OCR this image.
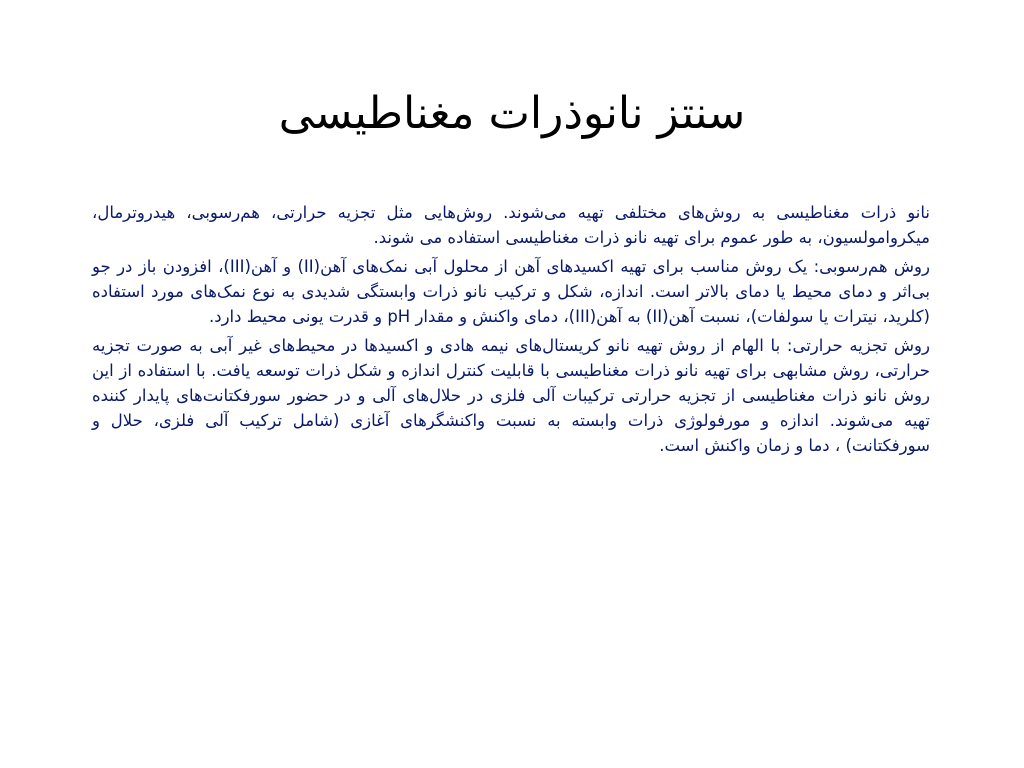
سنتز نانوذرات مغناطیسی

نانو ذرات مغناطیسی به روش‌های مختلفی تهیه می‌شوند. روش‌هایی مثل تجزیه حرارتی، هم‌رسوبی، هیدروترمال، میکروامولسیون، به طور عموم برای تهیه نانو ذرات مغناطیسی استفاده می شوند.

روش هم‌رسوبی: یک روش مناسب برای تهیه اکسیدهای آهن از محلول آبی نمک‌های آهن(II) و آهن(III)، افزودن باز در جو بی‌اثر و دمای محیط یا دمای بالاتر است. اندازه، شکل و ترکیب نانو ذرات وابستگی شدیدی به نوع نمک‌های مورد استفاده (کلرید، نیترات یا سولفات)، نسبت آهن(II) به آهن(III)، دمای واکنش و مقدار pH و قدرت یونی محیط دارد.

روش تجزیه حرارتی: با الهام از روش تهیه نانو کریستال‌های نیمه هادی و اکسیدها در محیط‌های غیر آبی به صورت تجزیه حرارتی، روش مشابهی برای تهیه نانو ذرات مغناطیسی با قابلیت کنترل اندازه و شکل ذرات توسعه یافت. با استفاده از این روش نانو ذرات مغناطیسی از تجزیه حرارتی ترکیبات آلی فلزی در حلال‌های آلی و در حضور سورفکتانت‌های پایدار کننده تهیه می‌شوند. اندازه و مورفولوژی ذرات وابسته به نسبت واکنشگرهای آغازی (شامل ترکیب آلی فلزی، حلال و سورفکتانت) ، دما و زمان واکنش است.
